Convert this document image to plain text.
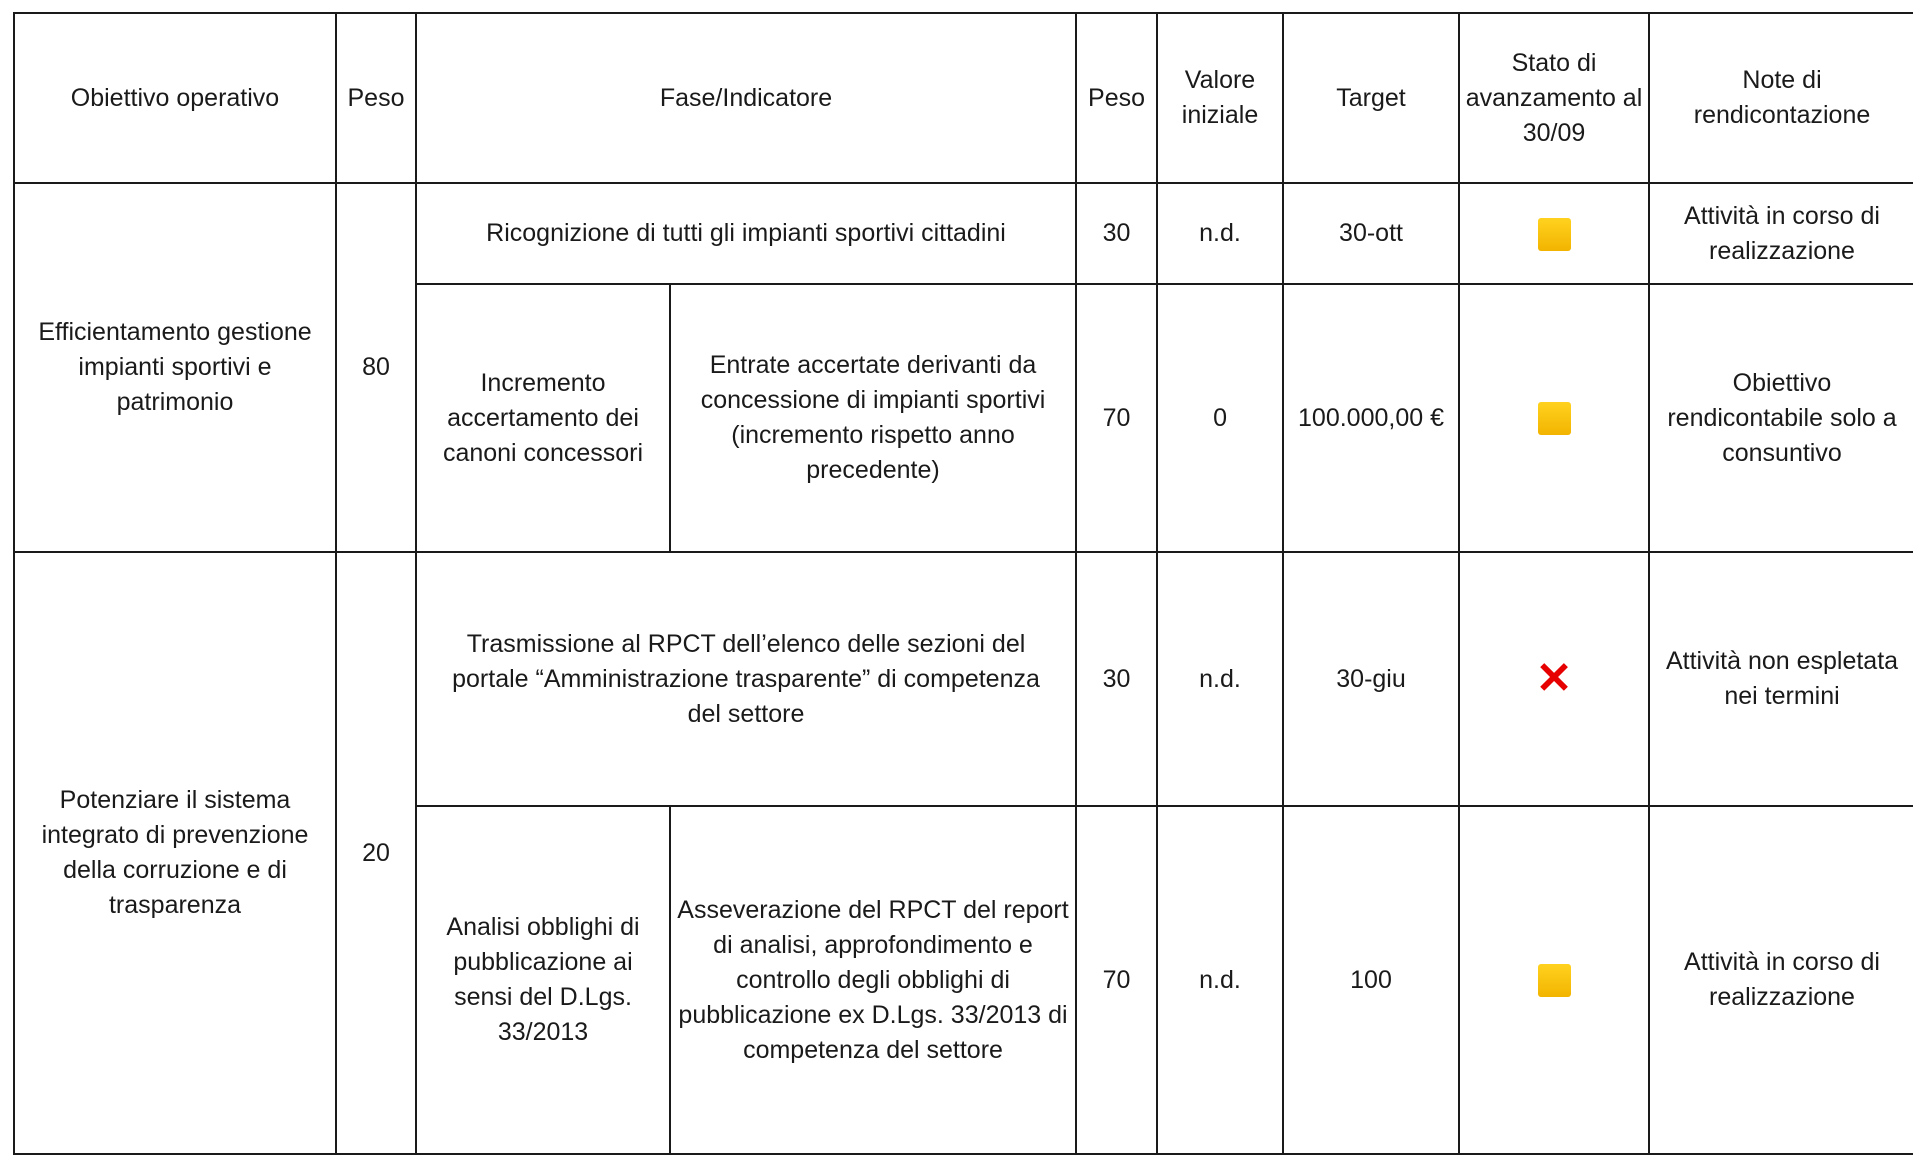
Obiettivo operativo	Peso	Fase/Indicatore		Peso	Valore iniziale	Target	Stato di avanzamento al 30/09	Note di rendicontazione
Efficientamento gestione impianti sportivi e patrimonio	80	Ricognizione di tutti gli impianti sportivi cittadini		30	n.d.	30-ott		Attività in corso di realizzazione
		Incremento accertamento dei canoni concessori	Entrate accertate derivanti da concessione di impianti sportivi (incremento rispetto anno precedente)	70	0	100.000,00 €		Obiettivo rendicontabile solo a consuntivo
Potenziare il sistema integrato di prevenzione della corruzione e di trasparenza	20	Trasmissione al RPCT dell’elenco delle sezioni del portale “Amministrazione trasparente” di competenza del settore		30	n.d.	30-giu	✕	Attività non espletata nei termini
		Analisi obblighi di pubblicazione ai sensi del D.Lgs. 33/2013	Asseverazione del RPCT del report di analisi, approfondimento e controllo degli obblighi di pubblicazione ex D.Lgs. 33/2013 di competenza del settore	70	n.d.	100		Attività in corso di realizzazione
